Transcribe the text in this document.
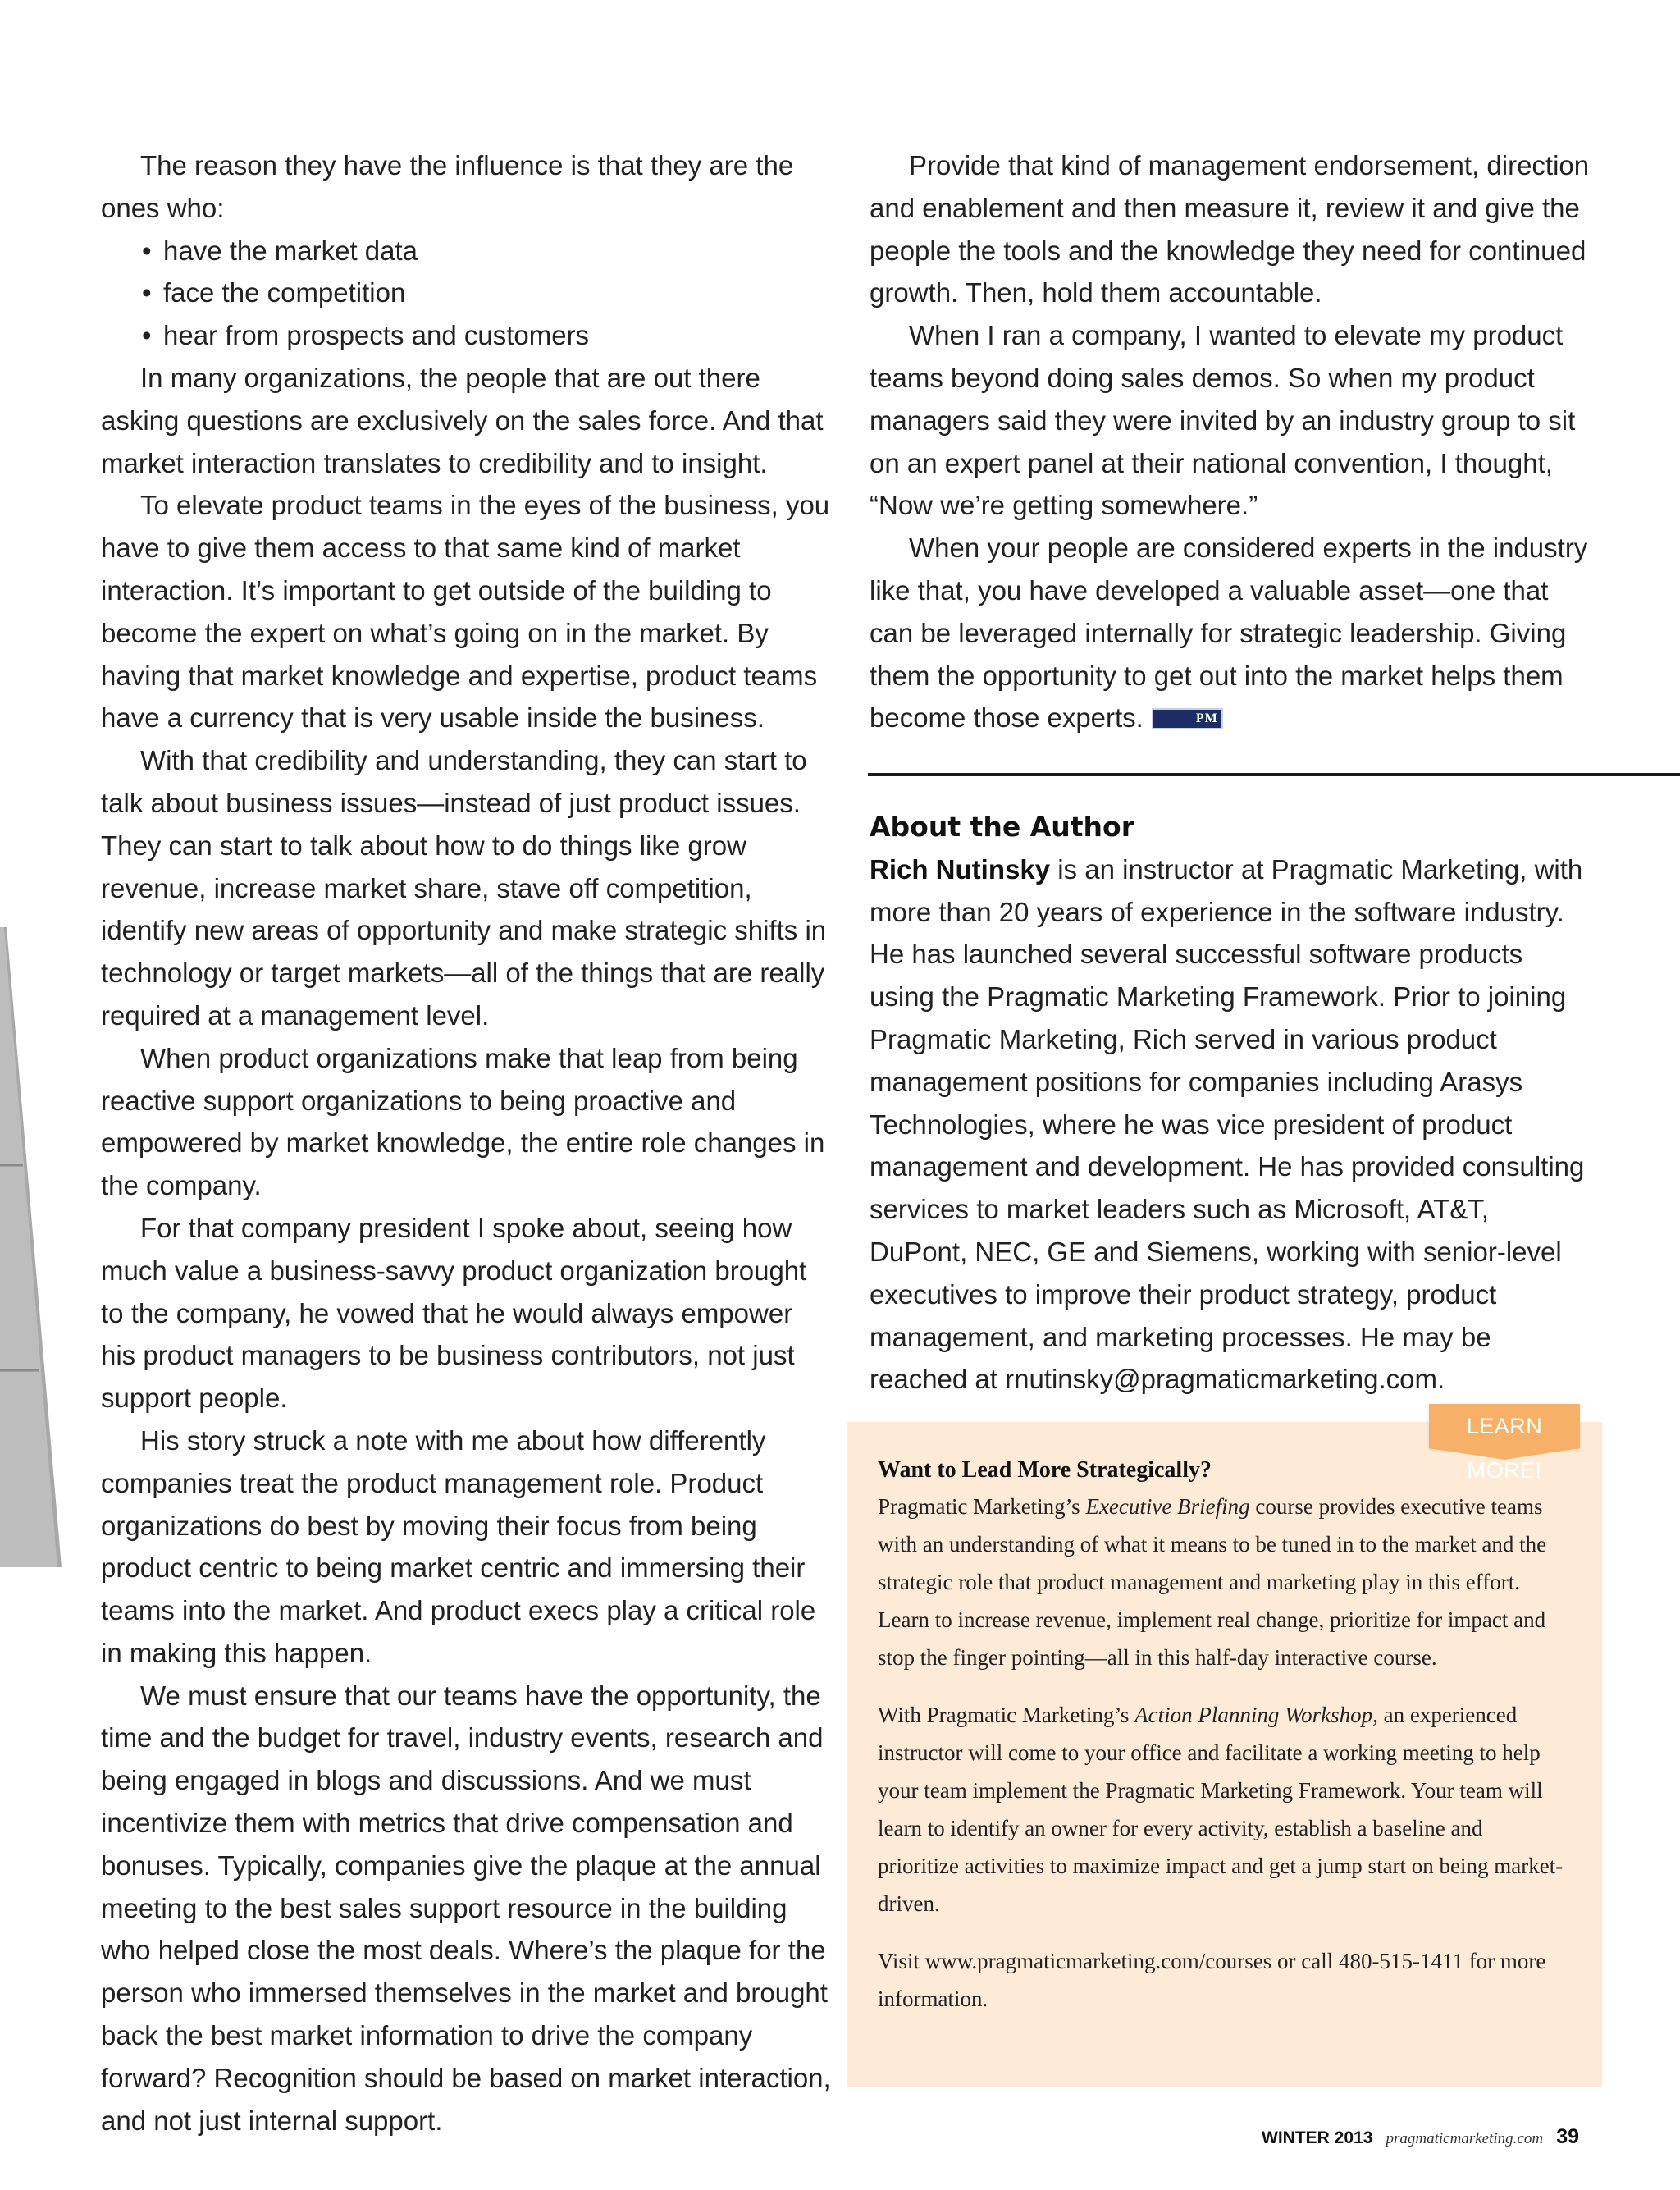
The reason they have the influence is that they are the ones who:

• have the market data
• face the competition
• hear from prospects and customers

In many organizations, the people that are out there asking questions are exclusively on the sales force. And that market interaction translates to credibility and to insight.

To elevate product teams in the eyes of the business, you have to give them access to that same kind of market interaction. It’s important to get outside of the building to become the expert on what’s going on in the market. By having that market knowledge and expertise, product teams have a currency that is very usable inside the business.

With that credibility and understanding, they can start to talk about business issues—instead of just product issues. They can start to talk about how to do things like grow revenue, increase market share, stave off competition, identify new areas of opportunity and make strategic shifts in technology or target markets—all of the things that are really required at a management level.

When product organizations make that leap from being reactive support organizations to being proactive and empowered by market knowledge, the entire role changes in the company.

For that company president I spoke about, seeing how much value a business-savvy product organization brought to the company, he vowed that he would always empower his product managers to be business contributors, not just support people.

His story struck a note with me about how differently companies treat the product management role. Product organizations do best by moving their focus from being product centric to being market centric and immersing their teams into the market. And product execs play a critical role in making this happen.

We must ensure that our teams have the opportunity, the time and the budget for travel, industry events, research and being engaged in blogs and discussions. And we must incentivize them with metrics that drive compensation and bonuses. Typically, companies give the plaque at the annual meeting to the best sales support resource in the building who helped close the most deals. Where’s the plaque for the person who immersed themselves in the market and brought back the best market information to drive the company forward? Recognition should be based on market interaction, and not just internal support.

Provide that kind of management endorsement, direction and enablement and then measure it, review it and give the people the tools and the knowledge they need for continued growth. Then, hold them accountable.

When I ran a company, I wanted to elevate my product teams beyond doing sales demos. So when my product managers said they were invited by an industry group to sit on an expert panel at their national convention, I thought, “Now we’re getting somewhere.”

When your people are considered experts in the industry like that, you have developed a valuable asset—one that can be leveraged internally for strategic leadership. Giving them the opportunity to get out into the market helps them become those experts.	PM

About the Author

Rich Nutinsky is an instructor at Pragmatic Marketing, with more than 20 years of experience in the software industry. He has launched several successful software products using the Pragmatic Marketing Framework. Prior to joining Pragmatic Marketing, Rich served in various product management positions for companies including Arasys Technologies, where he was vice president of product management and development. He has provided consulting services to market leaders such as Microsoft, AT&T, DuPont, NEC, GE and Siemens, working with senior-level executives to improve their product strategy, product management, and marketing processes. He may be reached at rnutinsky@pragmaticmarketing.com.

Want to Lead More Strategically?

Pragmatic Marketing’s Executive Briefing course provides executive teams with an understanding of what it means to be tuned in to the market and the strategic role that product management and marketing play in this effort. Learn to increase revenue, implement real change, prioritize for impact and stop the finger pointing—all in this half-day interactive course.

With Pragmatic Marketing’s Action Planning Workshop, an experienced instructor will come to your office and facilitate a working meeting to help your team implement the Pragmatic Marketing Framework. Your team will learn to identify an owner for every activity, establish a baseline and prioritize activities to maximize impact and get a jump start on being market-driven.

Visit www.pragmaticmarketing.com/courses or call 480-515-1411 for more information.

LEARN MORE!
WINTER 2013 pragmaticmarketing.com 39
